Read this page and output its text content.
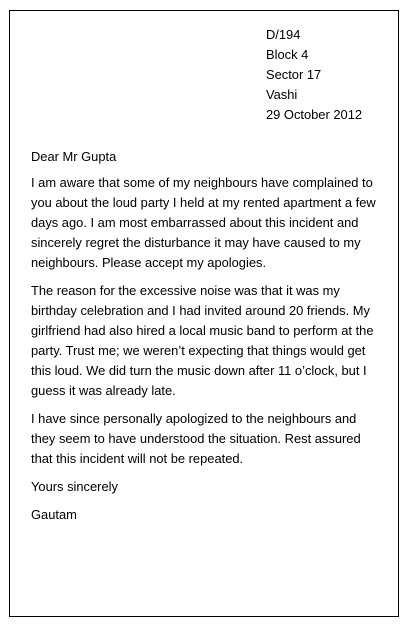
D/194
Block 4
Sector 17
Vashi
29 October 2012

Dear Mr Gupta

I am aware that some of my neighbours have complained to you about the loud party I held at my rented apartment a few days ago. I am most embarrassed about this incident and sincerely regret the disturbance it may have caused to my neighbours. Please accept my apologies.

The reason for the excessive noise was that it was my birthday celebration and I had invited around 20 friends. My girlfriend had also hired a local music band to perform at the party. Trust me; we weren’t expecting that things would get this loud. We did turn the music down after 11 o’clock, but I guess it was already late.

I have since personally apologized to the neighbours and they seem to have understood the situation. Rest assured that this incident will not be repeated.

Yours sincerely

Gautam
